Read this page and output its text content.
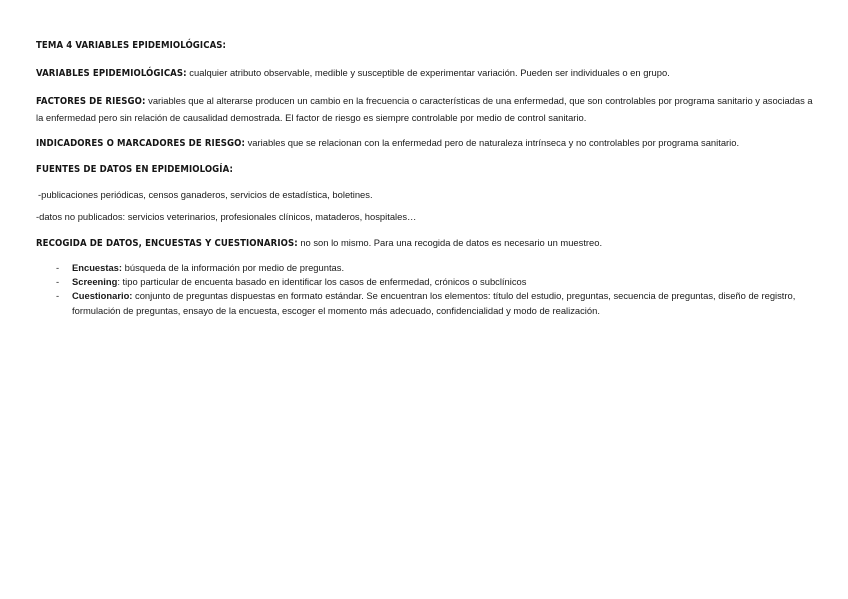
TEMA 4 VARIABLES EPIDEMIOLÓGICAS:
VARIABLES EPIDEMIOLÓGICAS: cualquier atributo observable, medible y susceptible de experimentar variación. Pueden ser individuales o en grupo.
FACTORES DE RIESGO: variables que al alterarse producen un cambio en la frecuencia o características de una enfermedad, que son controlables por programa sanitario y asociadas a la enfermedad pero sin relación de causalidad demostrada. El factor de riesgo es siempre controlable por medio de control sanitario.
INDICADORES O MARCADORES DE RIESGO: variables que se relacionan con la enfermedad pero de naturaleza intrínseca y no controlables por programa sanitario.
FUENTES DE DATOS EN EPIDEMIOLOGÍA:
-publicaciones periódicas, censos ganaderos, servicios de estadística, boletines.
-datos no publicados: servicios veterinarios, profesionales clínicos, mataderos, hospitales…
RECOGIDA DE DATOS, ENCUESTAS Y CUESTIONARIOS: no son lo mismo. Para una recogida de datos es necesario un muestreo.
- Encuestas: búsqueda de la información por medio de preguntas.
- Screening: tipo particular de encuenta basado en identificar los casos de enfermedad, crónicos o subclínicos
- Cuestionario: conjunto de preguntas dispuestas en formato estándar. Se encuentran los elementos: título del estudio, preguntas, secuencia de preguntas, diseño de registro, formulación de preguntas, ensayo de la encuesta, escoger el momento más adecuado, confidencialidad y modo de realización.
